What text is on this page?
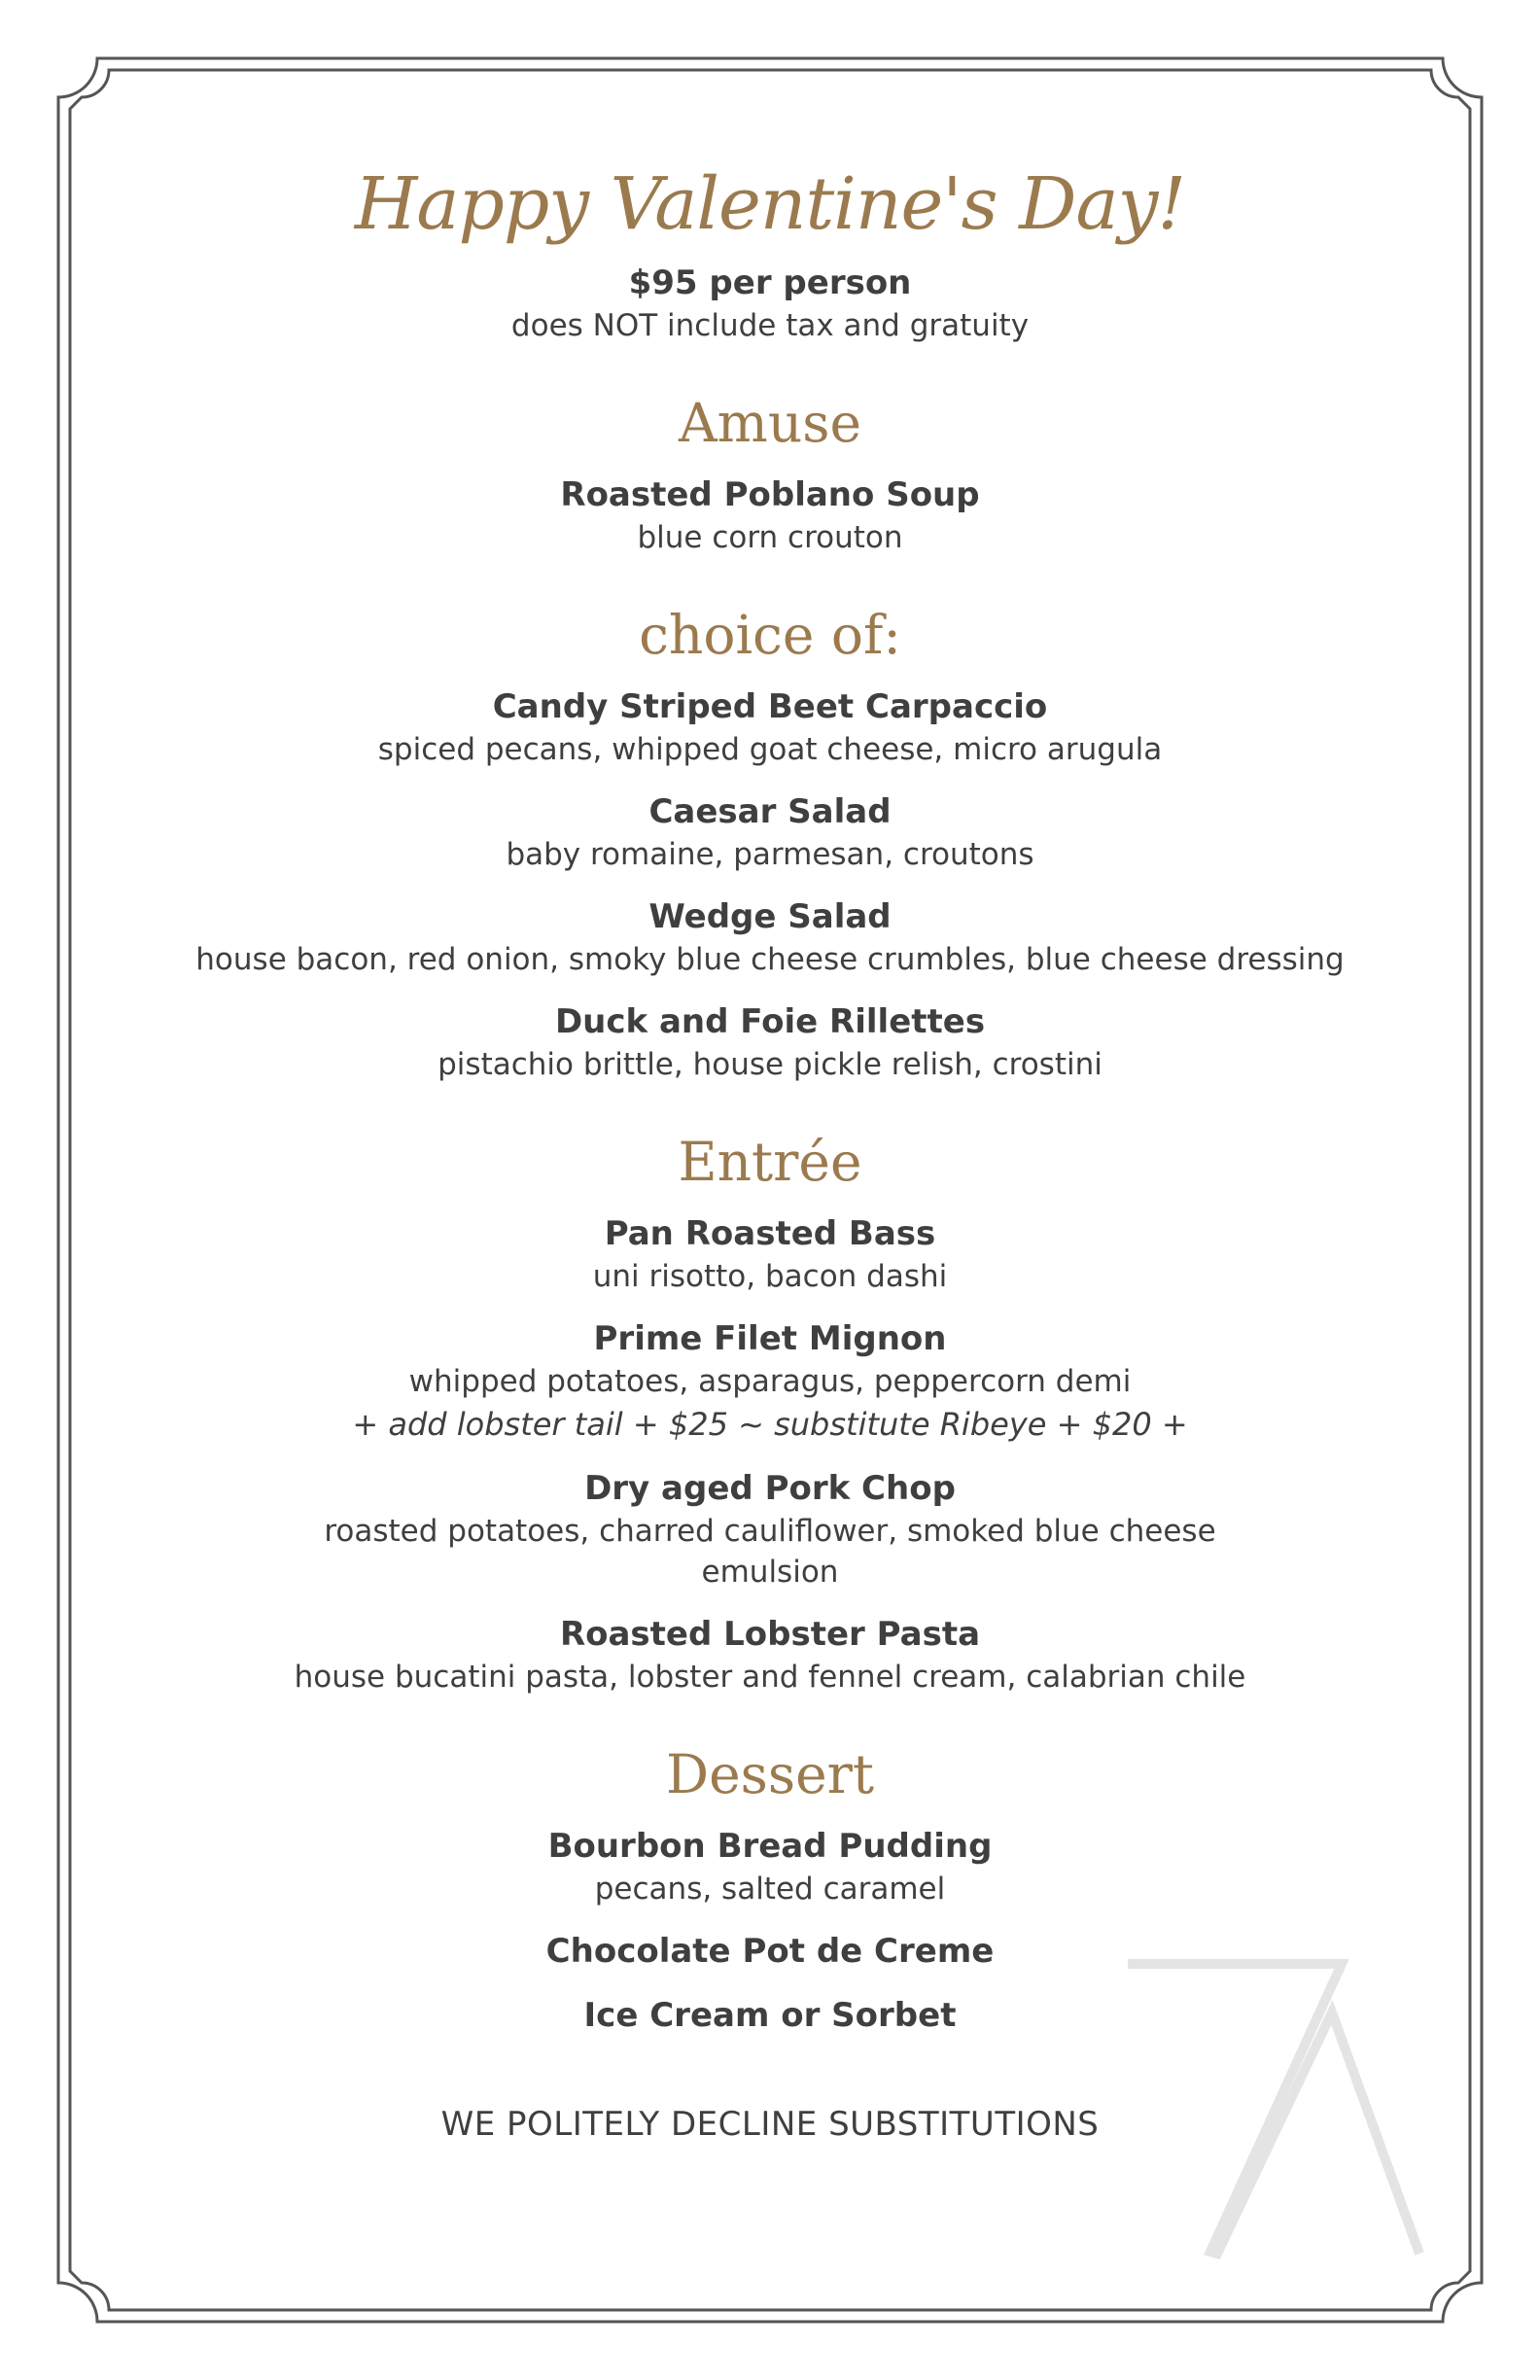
Happy Valentine's Day!
$95 per person
does NOT include tax and gratuity
Amuse
Roasted Poblano Soup
blue corn crouton
choice of:
Candy Striped Beet Carpaccio
spiced pecans, whipped goat cheese, micro arugula
Caesar Salad
baby romaine, parmesan, croutons
Wedge Salad
house bacon, red onion, smoky blue cheese crumbles, blue cheese dressing
Duck and Foie Rillettes
pistachio brittle, house pickle relish, crostini
Entrée
Pan Roasted Bass
uni risotto, bacon dashi
Prime Filet Mignon
whipped potatoes, asparagus, peppercorn demi
+ add lobster tail + $25 ~ substitute Ribeye + $20 +
Dry aged Pork Chop
roasted potatoes, charred cauliflower, smoked blue cheese
emulsion
Roasted Lobster Pasta
house bucatini pasta, lobster and fennel cream, calabrian chile
Dessert
Bourbon Bread Pudding
pecans, salted caramel
Chocolate Pot de Creme
Ice Cream or Sorbet
WE POLITELY DECLINE SUBSTITUTIONS
